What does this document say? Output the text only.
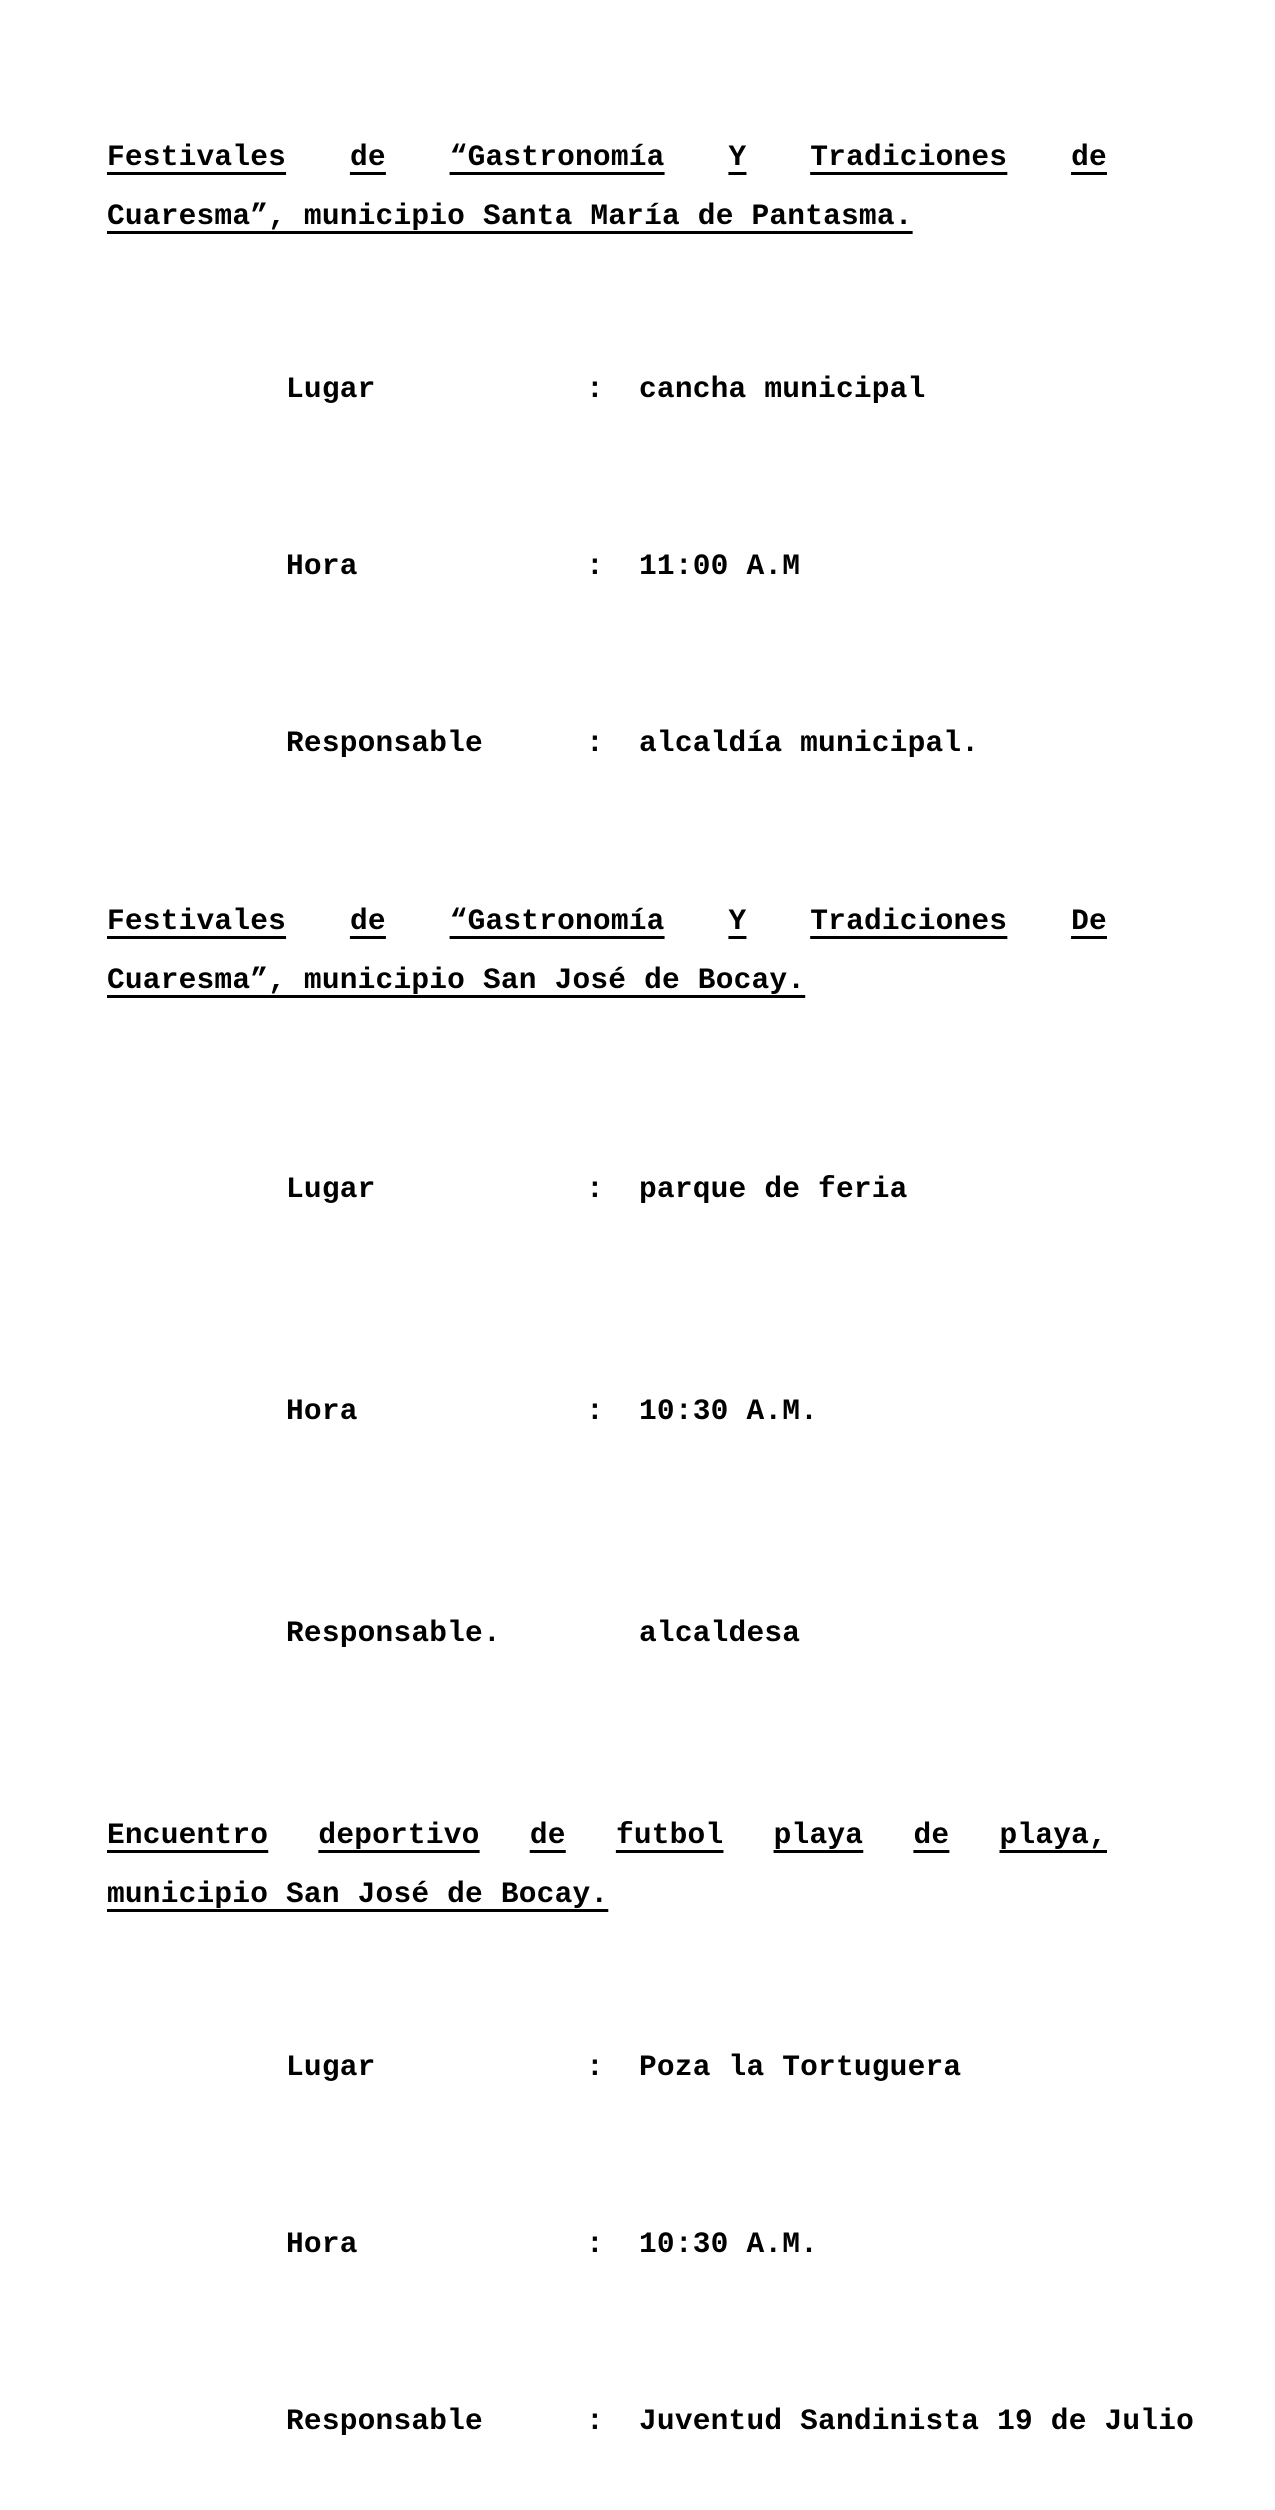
Festivales de “Gastronomía Y Tradiciones de
Cuaresma”, municipio Santa María de Pantasma.

Lugar	: cancha municipal

Hora	: 11:00 A.M

Responsable	: alcaldía municipal.

Festivales de “Gastronomía Y Tradiciones De
Cuaresma”, municipio San José de Bocay.

Lugar	: parque de feria

Hora	: 10:30 A.M.

Responsable.	alcaldesa

Encuentro deportivo de futbol playa de playa,
municipio San José de Bocay.

Lugar	: Poza la Tortuguera

Hora	: 10:30 A.M.

Responsable	: Juventud Sandinista 19 de Julio
